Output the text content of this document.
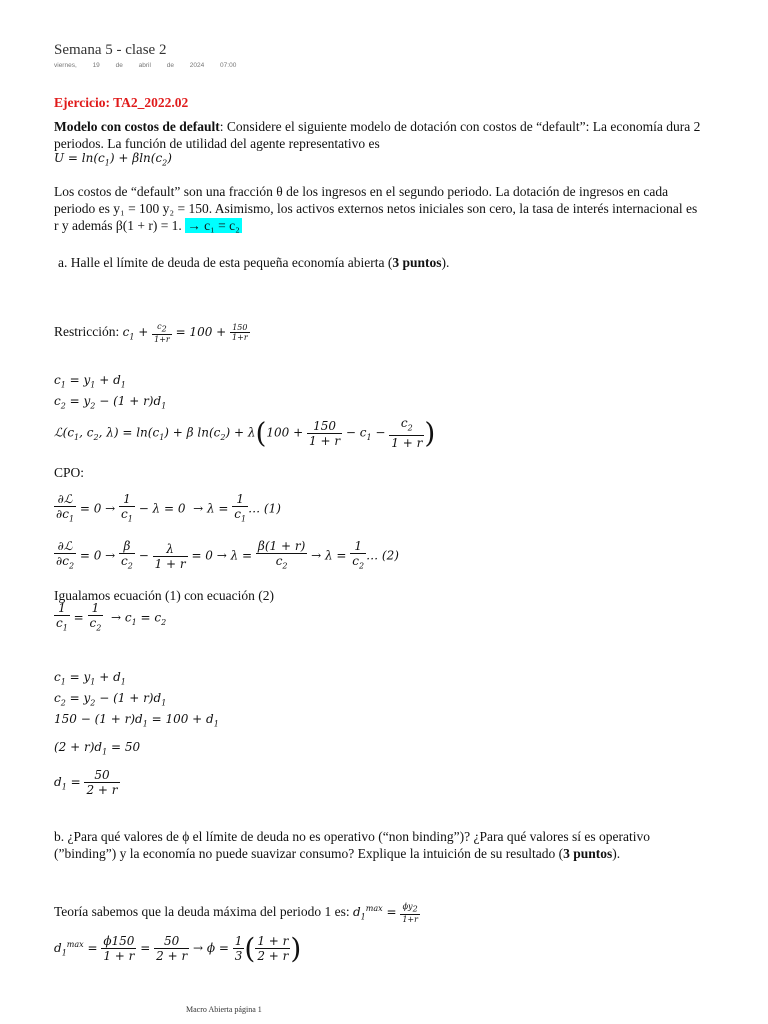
Semana 5 - clase 2
viernes, 19 de abril de 2024 07:00
Ejercicio: TA2_2022.02
Modelo con costos de default: Considere el siguiente modelo de dotación con costos de “default”: La economía dura 2
periodos. La función de utilidad del agente representativo es
$U = \ln(c_1) + \beta\ln(c_2)$
Los costos de “default” son una fracción θ de los ingresos en el segundo periodo. La dotación de ingresos en cada
periodo es y₁ = 100 y₂ = 150. Asimismo, los activos externos netos iniciales son cero, la tasa de interés internacional es
r y además β(1 + r) = 1. → c₁ = c₂
a. Halle el límite de deuda de esta pequeña economía abierta (3 puntos).
Restricción: $c_1 + \frac{c_2}{1+r} = 100 + \frac{150}{1+r}$
$c_1 = y_1 + d_1$
$c_2 = y_2 - (1 + r)d_1$
$ℒ(c_1$, $c_2$, $\lambda) = \ln(c_1) + \beta$ $\ln(c_2) + \lambda(100 + \frac{150}{1 + r} - c_1 - \frac{c_2}{1 + r}$ )
CPO:
$\frac{\text{∂ℒ}}{\partial c_1} = 0 \to \frac{1}{c_1} - \lambda = 0 \to \lambda = \frac{1}{c_1}$ … (1)
$\frac{\text{∂ℒ}}{\partial c_2} = 0 \to \frac{\beta}{c_2} - \frac{\lambda}{1 + r} = 0 \to \lambda = \frac{\beta(1 + r)}{c_2} \to \lambda = \frac{1}{c_2}$ … (2)
Igualamos ecuación (1) con ecuación (2)
$\frac{1}{c_1} = \frac{1}{c_2} \to c_1 = c_2$
$c_1 = y_1 + d_1$
$c_2 = y_2 - (1 + r)d_1$
$150 - (1 + r)d_1 = 100 + d_1$
$(2 + r)d_1 = 50$
$d_1 = \frac{50}{2 + r}$
b. ¿Para qué valores de ϕ el límite de deuda no es operativo (“non binding”)? ¿Para qué valores sí es operativo
(”binding”) y la economía no puede suavizar consumo? Explique la intuición de su resultado (3 puntos).
Teoría sabemos que la deuda máxima del periodo 1 es: $d_1^{max} = \frac{\phi y_2}{1+r}$
$d_1^{max} = \frac{\phi 150}{1 + r} = \frac{50}{2 + r} \to \phi = \frac{1}{3}$ ( $\frac{1 + r}{2 + r}$ )
Macro Abierta página 1
